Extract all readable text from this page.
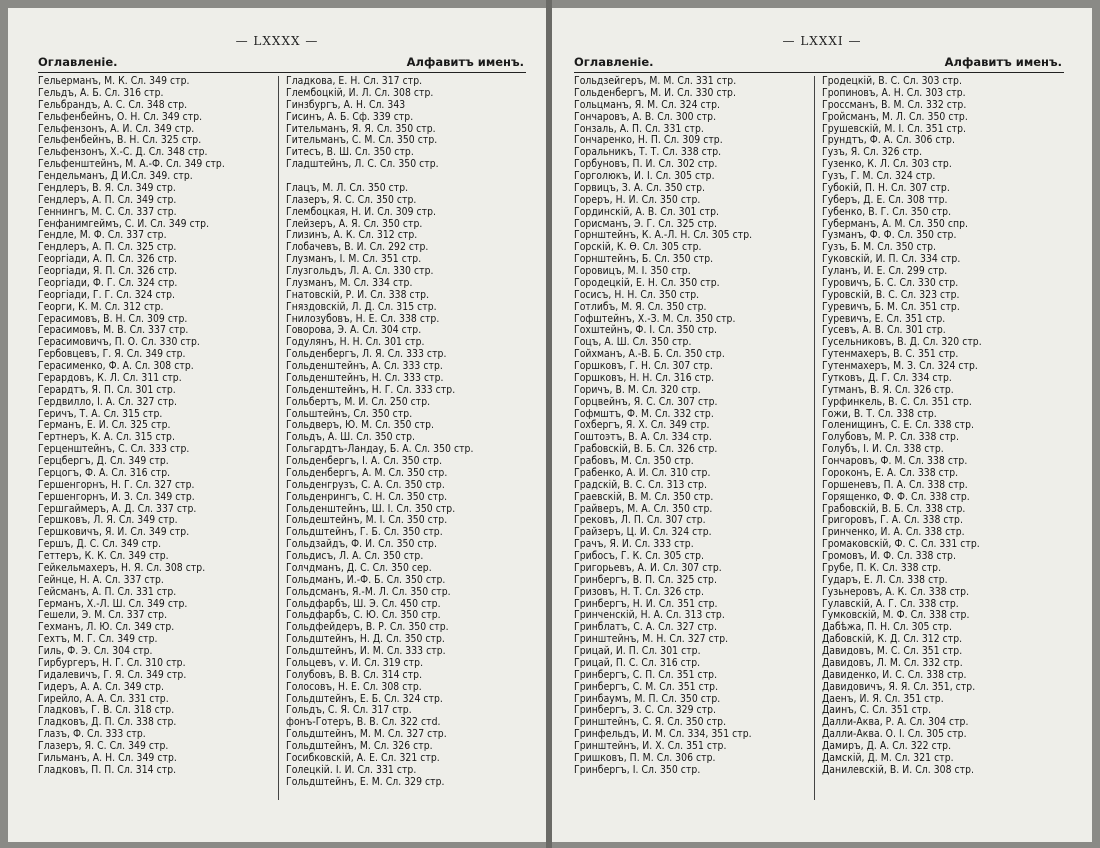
— LXXXX —
Оглавленіе.	Алфавитъ именъ.
Гельерманъ, М. К. Сл. 349 стр.
Гельдъ, А. Б. Сл. 316 стр.
Гельбрандъ, А. С. Сл. 348 стр.
Гельфенбейнъ, О. Н. Сл. 349 стр.
Гельфензонъ, А. И. Сл. 349 стр.
Гельфенбейнъ, В. Н. Сл. 325 стр.
Гельфензонъ, Х.-С. Д. Сл. 348 стр.
Гельфенштейнъ, М. А.-Ф. Сл. 349 стр.
Гендельманъ, Д И.Сл. 349. стр.
Гендлеръ, В. Я. Сл. 349 стр.
Гендлеръ, А. П. Сл. 349 стр.
Геннингъ, М. С. Сл. 337 стр.
Генфанимгеймъ, С. И. Сл. 349 стр.
Гендле, М. Ф. Сл. 337 стр.
Гендлеръ, А. П. Сл. 325 стр.
Георгіади, А. П. Сл. 326 стр.
Георгіади, Я. П. Сл. 326 стр.
Георгіади, Ф. Г. Сл. 324 стр.
Георгіади, Г. Г. Сл. 324 стр.
Георги, К. М. Сл. 312 стр.
Герасимовъ, В. Н. Сл. 309 стр.
Герасимовъ, М. В. Сл. 337 стр.
Герасимовичъ, П. О. Сл. 330 стр.
Гербовцевъ, Г. Я. Сл. 349 стр.
Герасименко, Ф. А. Сл. 308 стр.
Герардовъ, К. Л. Сл. 311 стр.
Герардтъ, Я. П. Сл. 301 стр.
Гердвилло, І. А. Сл. 327 стр.
Геричъ, Т. А. Сл. 315 стр.
Германъ, Е. И. Сл. 325 стр.
Гертнеръ, К. А. Сл. 315 стр.
Герценштейнъ, С. Сл. 333 стр.
Герцбергъ, Д. Сл. 349 стр.
Герцогъ, Ф. А. Сл. 316 стр.
Гершенгорнъ, Н. Г. Сл. 327 стр.
Гершенгорнъ, И. З. Сл. 349 стр.
Гершгаймеръ, А. Д. Сл. 337 стр.
Гершковъ, Л. Я. Сл. 349 стр.
Гершковичъ, Я. И. Сл. 349 стр.
Гершъ, Д. С. Сл. 349 стр.
Геттеръ, К. К. Сл. 349 стр.
Гейкельмахеръ, Н. Я. Сл. 308 стр.
Гейнце, Н. А. Сл. 337 стр.
Гейсманъ, А. П. Сл. 331 стр.
Германъ, Х.-Л. Ш. Сл. 349 стр.
Гешели, Э. М. Сл. 337 стр.
Гехманъ, Л. Ю. Сл. 349 стр.
Гехтъ, М. Г. Сл. 349 стр.
Гиль, Ф. Э. Сл. 304 стр.
Гирбургеръ, Н. Г. Сл. 310 стр.
Гидалевичъ, Г. Я. Сл. 349 стр.
Гидеръ, А. А. Сл. 349 стр.
Гирейло, А. А. Сл. 331 стр.
Гладковъ, Г. В. Сл. 318 стр.
Гладковъ, Д. П. Сл. 338 стр.
Глазъ, Ф. Сл. 333 стр.
Глазеръ, Я. С. Сл. 349 стр.
Гильманъ, А. Н. Сл. 349 стр.
Гладковъ, П. П. Сл. 314 стр.
Гладкова, Е. Н. Сл. 317 стр.
Глембоцкій, И. Л. Сл. 308 стр.
Гинзбургъ, А. Н. Сл. 343
Гисинъ, А. Б. Сф. 339 стр.
Гительманъ, Я. Я. Сл. 350 стр.
Гительманъ, С. М. Сл. 350 стр.
Гитесъ, В. Ш. Сл. 350 стр.
Гладштейнъ, Л. С. Сл. 350 стр.
Глацъ, М. Л. Сл. 350 стр.
Глазеръ, Я. С. Сл. 350 стр.
Глембоцкая, Н. И. Сл. 309 стр.
Глейзеръ, А. Я. Сл. 350 стр.
Глизинъ, А. К. Сл. 312 стр.
Глобачевъ, В. И. Сл. 292 стр.
Глузманъ, І. М. Сл. 351 стр.
Глузгольдъ, Л. А. Сл. 330 стр.
Глузманъ, М. Сл. 334 стр.
Гнатовскій, Р. И. Сл. 338 стр.
Гняздовскій, Л. Д. Сл. 315 стр.
Гнилозубовъ, Н. Е. Сл. 338 стр.
Говорова, Э. А. Сл. 304 стр.
Годулянъ, Н. Н. Сл. 301 стр.
Гольденбергъ, Л. Я. Сл. 333 стр.
Гольденштейнъ, А. Сл. 333 стр.
Гольденштейнъ, Н. Сл. 333 стр.
Гольденштейнъ, Н. Г. Сл. 333 стр.
Гольбертъ, М. И. Сл. 250 стр.
Гольштейнъ, Сл. 350 стр.
Гольдверъ, Ю. М. Сл. 350 стр.
Гольдъ, А. Ш. Сл. 350 стр.
Гольгардтъ-Ландау, Б. А. Сл. 350 стр.
Гольденбергъ, І. А. Сл. 350 стр.
Гольденбергъ, А. М. Сл. 350 стр.
Гольденгрузъ, С. А. Сл. 350 стр.
Гольденрингъ, С. Н. Сл. 350 стр.
Гольденштейнъ, Ш. І. Сл. 350 стр.
Гольдештейнъ, М. І. Сл. 350 стр.
Гольдштейнъ, Г. Б. Сл. 350 стр.
Гольдзайдъ, Ф. И. Сл. 350 стр.
Гольдисъ, Л. А. Сл. 350 стр.
Голчдманъ, Д. С. Сл. 350 сер.
Гольдманъ, И.-Ф. Б. Сл. 350 стр.
Гольдсманъ, Я.-М. Л. Сл. 350 стр.
Гольдфарбъ, Ш. Э. Сл. 450 стр.
Гольдфарбъ, С. Ю. Сл. 350 стр.
Гольдфейдеръ, В. Р. Сл. 350 стр.
Гольдштейнъ, Н. Д. Сл. 350 стр.
Гольдштейнъ, И. М. Сл. 333 стр.
Гольцевъ, ѵ. И. Сл. 319 стр.
Голубовъ, В. В. Сл. 314 стр.
Голосовъ, Н. Е. Сл. 308 стр.
Гольдштейнъ, Е. Б. Сл. 324 стр.
Гольдъ, С. Я. Сл. 317 стр.
фонъ-Готеръ, В. В. Сл. 322 стd.
Гольдштейнъ, М. М. Сл. 327 стр.
Гольдштейнъ, М. Сл. 326 стр.
Госибковскій, А. Е. Сл. 321 стр.
Голецкій. І. И. Сл. 331 стр.
Гольдштейнъ, Е. М. Сл. 329 стр.
— LXXXI —
Оглавленіе.	Алфавитъ именъ.
Гольдзейгеръ, М. М. Сл. 331 стр.
Гольденбергъ, М. И. Сл. 330 стр.
Гольцманъ, Я. М. Сл. 324 стр.
Гончаровъ, А. В. Сл. 300 стр.
Гонзаль, А. П. Сл. 331 стр.
Гончаренко, Н. П. Сл. 309 стр.
Горальникъ, Т. Т. Сл. 338 стр.
Горбуновъ, П. И. Сл. 302 стр.
Горголюкъ, И. І. Сл. 305 стр.
Горвицъ, З. А. Сл. 350 стр.
Гореръ, Н. И. Сл. 350 стр.
Гординскій, А. В. Сл. 301 стр.
Горисманъ, Э. Г. Сл. 325 стр.
Горнштейнъ, К. А.-Л. Н. Сл. 305 стр.
Горскій, К. Ѳ. Сл. 305 стр.
Горнштейнъ, Б. Сл. 350 стр.
Горовицъ, М. І. 350 стр.
Городецкій, Е. Н. Сл. 350 стр.
Госисъ, Н. Н. Сл. 350 стр.
Готлибъ, М. Я. Сл. 350 стр.
Гофштейнъ, Х.-З. М. Сл. 350 стр.
Гохштейнъ, Ф. І. Сл. 350 стр.
Гоцъ, А. Ш. Сл. 350 стр.
Гойхманъ, А.-В. Б. Сл. 350 стр.
Горшковъ, Г. Н. Сл. 307 стр.
Горшковъ, Н. Н. Сл. 316 стр.
Горичъ, В. М. Сл. 320 стр.
Горцвейнъ, Я. С. Сл. 307 стр.
Гофмштъ, Ф. М. Сл. 332 стр.
Гохбергъ, Я. Х. Сл. 349 стр.
Гоштоэтъ, В. А. Сл. 334 стр.
Грабовскій, В. Б. Сл. 326 стр.
Грабовъ, М. Сл. 350 стр.
Грабенко, А. И. Сл. 310 стр.
Градскій, В. С. Сл. 313 стр.
Граевскій, В. М. Сл. 350 стр.
Грайверъ, М. А. Сл. 350 стр.
Грековъ, Л. П. Сл. 307 стр.
Грайзеръ, Ц. И. Сл. 324 стр.
Грачъ, Я. И. Сл. 333 стр.
Грибосъ, Г. К. Сл. 305 стр.
Григорьевъ, А. И. Сл. 307 стр.
Гринбергъ, В. П. Сл. 325 стр.
Гризовъ, Н. Т. Сл. 326 стр.
Гринбергъ, Н. И. Сл. 351 стр.
Гринченскій, Н. А. Сл. 313 стр.
Гринблатъ, С. А. Сл. 327 стр.
Гринштейнъ, М. Н. Сл. 327 стр.
Грицай, И. П. Сл. 301 стр.
Грицай, П. С. Сл. 316 стр.
Гринбергъ, С. П. Сл. 351 стр.
Гринбергъ, С. М. Сл. 351 стр.
Гринбаумъ, М. П. Сл. 350 стр.
Гринбергъ, З. С. Сл. 329 стр.
Гринштейнъ, С. Я. Сл. 350 стр.
Гринфельдъ, И. М. Сл. 334, 351 стр.
Гринштейнъ, И. Х. Сл. 351 стр.
Гришковъ, П. М. Сл. 306 стр.
Гринбергъ, І. Сл. 350 стр.
Гродецкій, В. С. Сл. 303 стр.
Гропиновъ, А. Н. Сл. 303 стр.
Гроссманъ, В. М. Сл. 332 стр.
Гройсманъ, М. Л. Сл. 350 стр.
Грушевскій, М. І. Сл. 351 стр.
Грундтъ, Ф. А. Сл. 306 стр.
Гузъ, Я. Сл. 326 стр.
Гузенко, К. Л. Сл. 303 стр.
Гузъ, Г. М. Сл. 324 стр.
Губокій, П. Н. Сл. 307 стр.
Губеръ, Д. Е. Сл. 308 ттр.
Губенко, В. Г. Сл. 350 стр.
Губерманъ, А. М. Сл. 350 спр.
Гузманъ, Ф. Ф. Сл. 350 стр.
Гузъ, Б. М. Сл. 350 стр.
Гуковскій, И. П. Сл. 334 стр.
Гуланъ, И. Е. Сл. 299 стр.
Гуровичъ, Б. С. Сл. 330 стр.
Гуровскій, В. С. Сл. 323 стр.
Гуревичъ, Б. М. Сл. 351 стр.
Гуревичъ, Е. Сл. 351 стр.
Гусевъ, А. В. Сл. 301 стр.
Гусельниковъ, В. Д. Сл. 320 стр.
Гутенмахеръ, В. С. 351 стр.
Гутенмахеръ, М. З. Сл. 324 стр.
Гутковъ, Д. Г. Сл. 334 стр.
Гутманъ, В. Я. Сл. 326 стр.
Гурфинкель, В. С. Сл. 351 стр.
Гожи, В. Т. Сл. 338 стр.
Голенищинъ, С. Е. Сл. 338 стр.
Голубовъ, М. Р. Сл. 338 стр.
Голубъ, І. И. Сл. 338 стр.
Гончаровъ, Ф. М. Сл. 338 стр.
Гороконъ, Е. А. Сл. 338 стр.
Горшеневъ, П. А. Сл. 338 стр.
Горященко, Ф. Ф. Сл. 338 стр.
Грабовскій, В. Б. Сл. 338 стр.
Григоровъ, Г. А. Сл. 338 стр.
Гринченко, И. А. Сл. 338 стр.
Громаковскій, Ф. С. Сл. 331 стр.
Громовъ, И. Ф. Сл. 338 стр.
Грубе, П. К. Сл. 338 стр.
Гударъ, Е. Л. Сл. 338 стр.
Гузьнеровъ, А. К. Сл. 338 стр.
Гулавскій, А. Г. Сл. 338 стр.
Гумковскій, М. Ф. Сл. 338 стр.
Дабѣжа, П. Н. Сл. 305 стр.
Дабовскій, К. Д. Сл. 312 стр.
Давидовъ, М. С. Сл. 351 стр.
Давидовъ, Л. М. Сл. 332 стр.
Давиденко, И. С. Сл. 338 стр.
Давидовичъ, Я. Я. Сл. 351, стр.
Даенъ, И. Я. Сл. 351 стр.
Даинъ, С. Сл. 351 стр.
Далли-Аква, Р. А. Сл. 304 стр.
Далли-Аква. О. І. Сл. 305 стр.
Дамиръ, Д. А. Сл. 322 стр.
Дамскій, Д. М. Сл. 321 стр.
Данилевскій, В. И. Сл. 308 стр.
